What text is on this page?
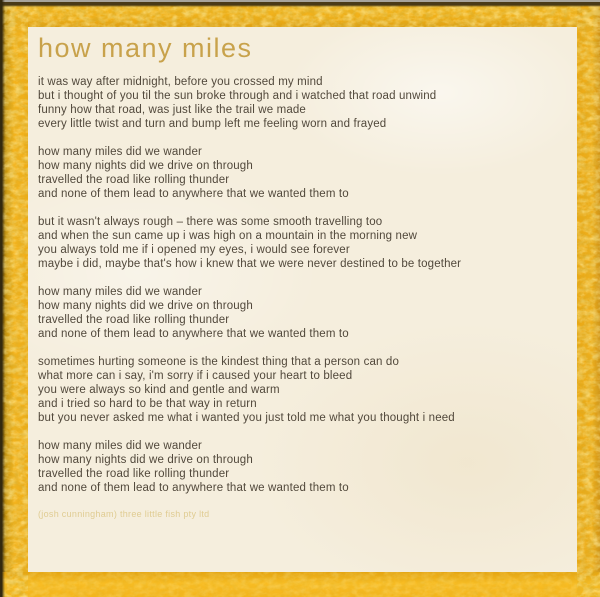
how many miles
it was way after midnight, before you crossed my mind
but i thought of you til the sun broke through and i watched that road unwind
funny how that road, was just like the trail we made
every little twist and turn and bump left me feeling worn and frayed
how many miles did we wander
how many nights did we drive on through
travelled the road like rolling thunder
and none of them lead to anywhere that we wanted them to
but it wasn't always rough – there was some smooth travelling too
and when the sun came up i was high on a mountain in the morning new
you always told me if i opened my eyes, i would see forever
maybe i did, maybe that's how i knew that we were never destined to be together
how many miles did we wander
how many nights did we drive on through
travelled the road like rolling thunder
and none of them lead to anywhere that we wanted them to
sometimes hurting someone is the kindest thing that a person can do
what more can i say, i'm sorry if i caused your heart to bleed
you were always so kind and gentle and warm
and i tried so hard to be that way in return
but you never asked me what i wanted you just told me what you thought i need
how many miles did we wander
how many nights did we drive on through
travelled the road like rolling thunder
and none of them lead to anywhere that we wanted them to
(josh cunningham) three little fish pty ltd
